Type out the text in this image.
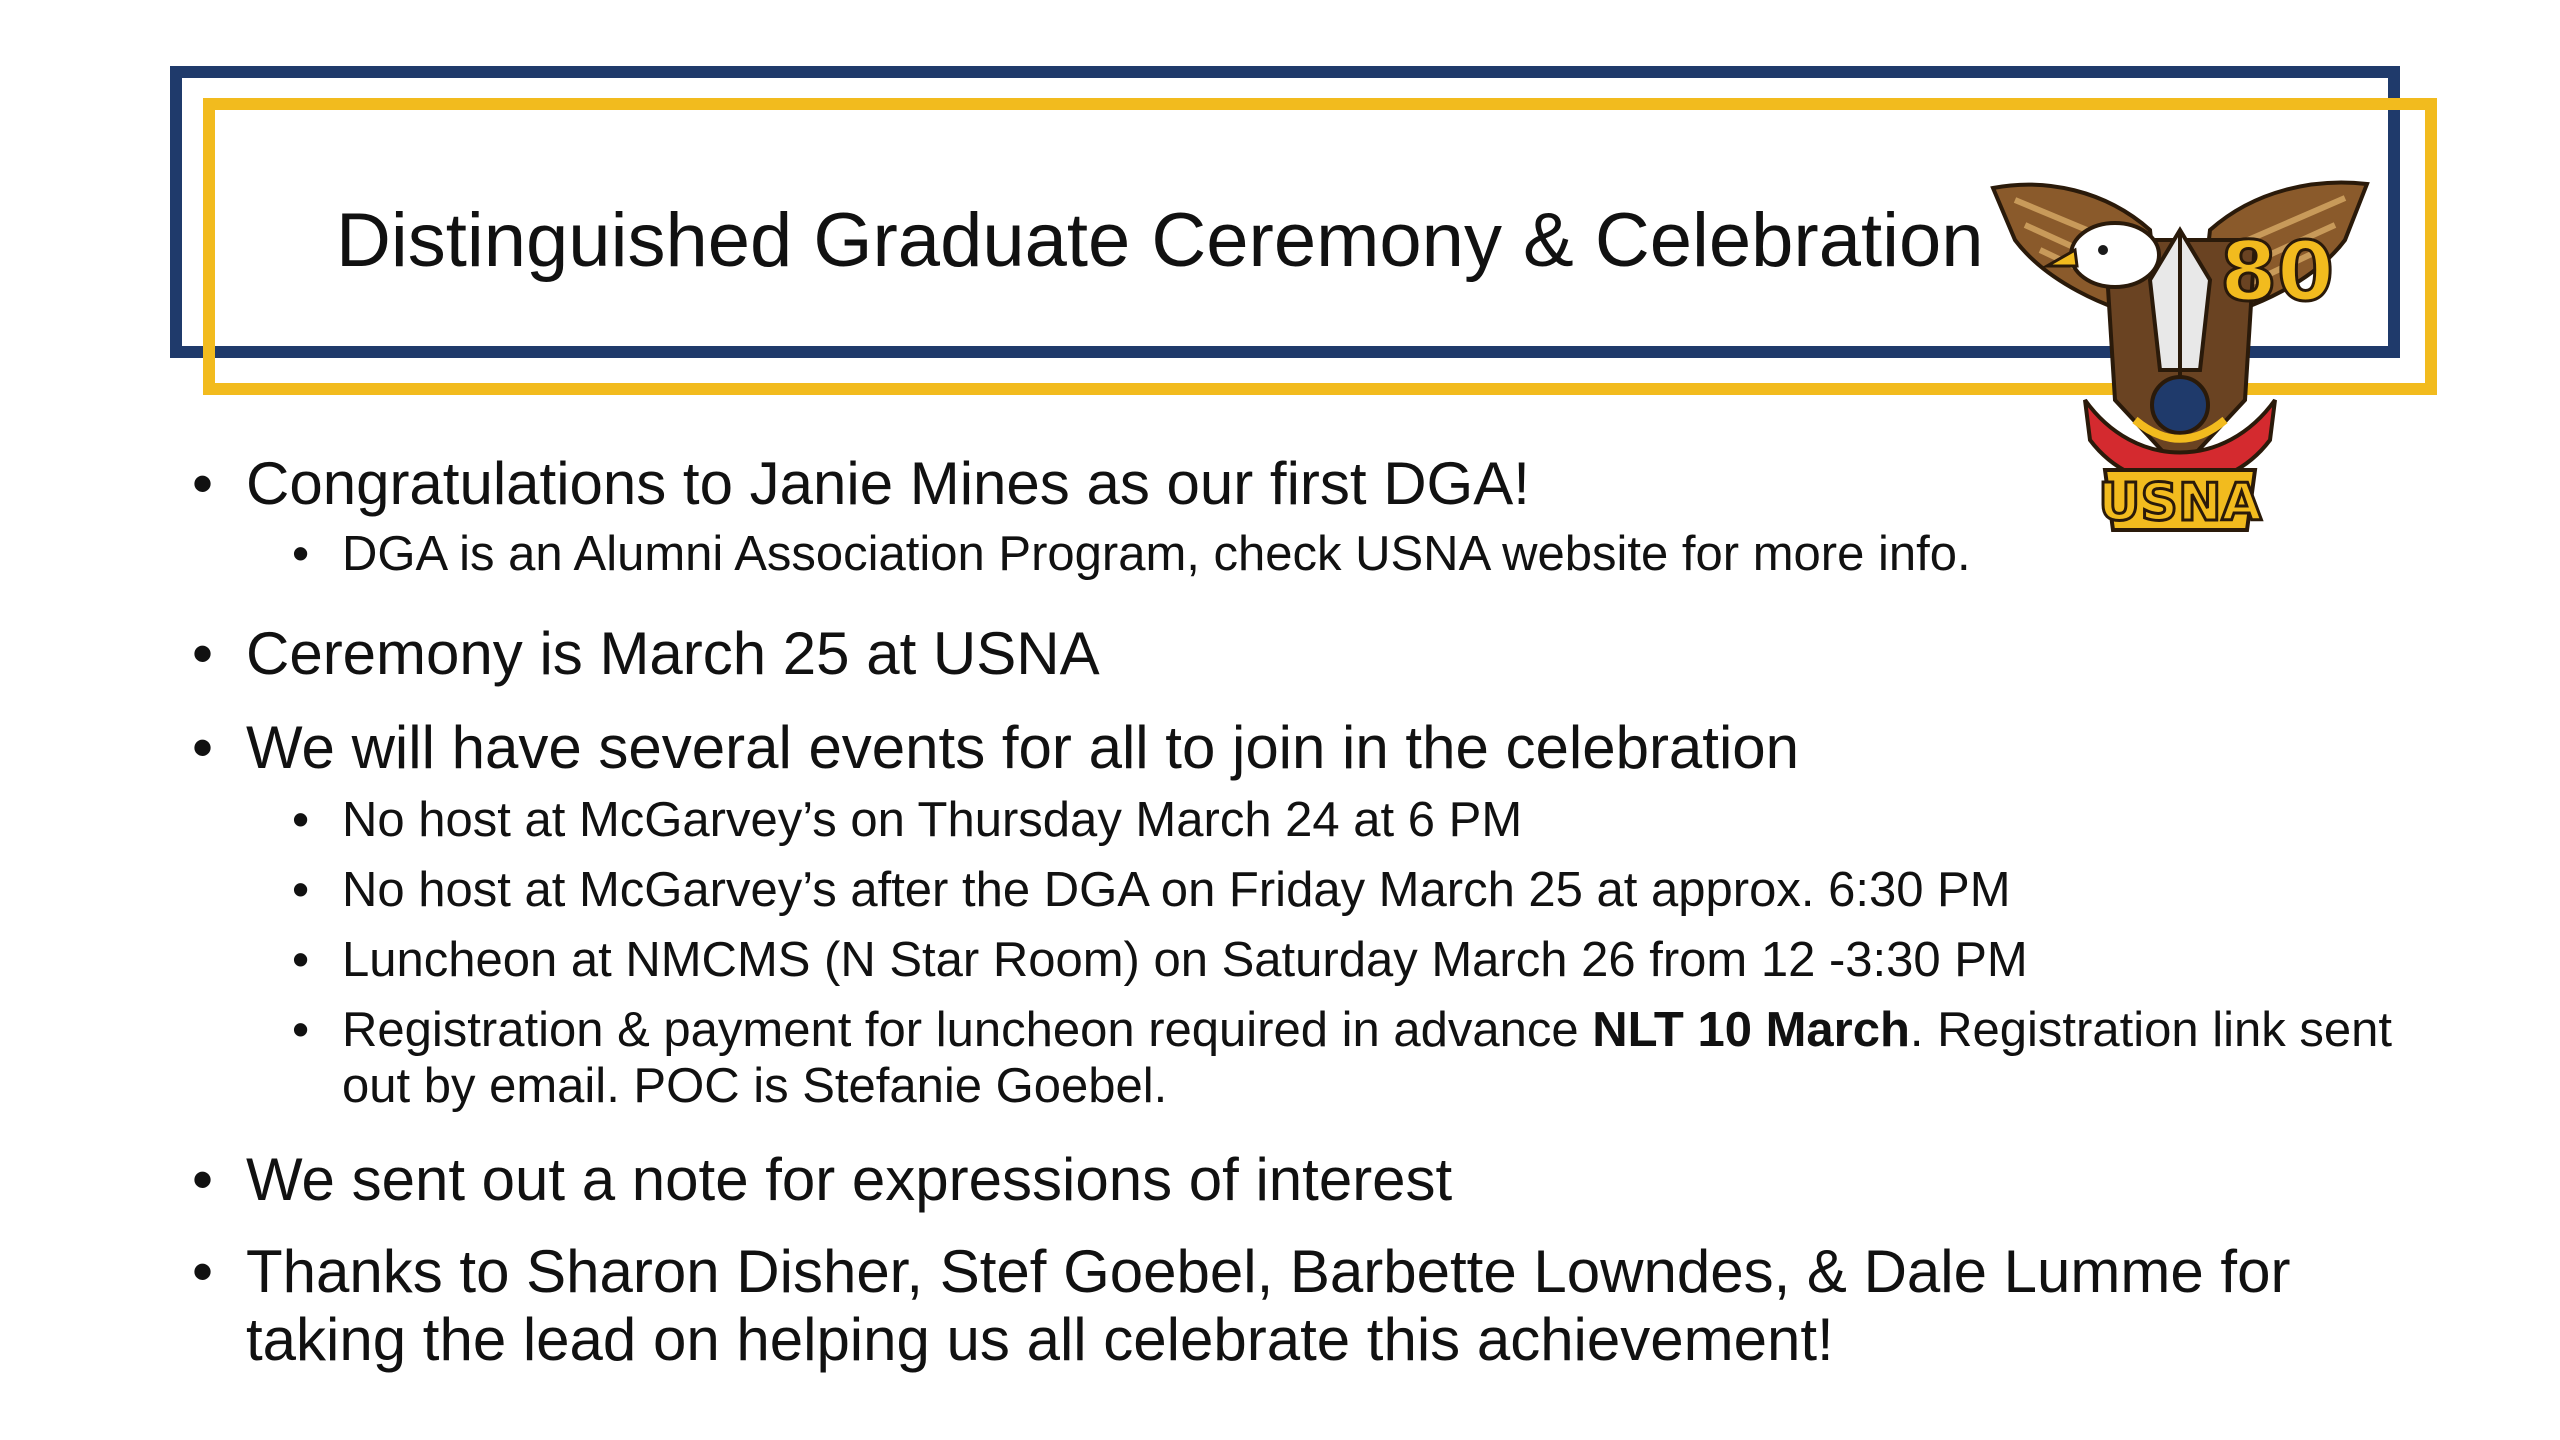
Distinguished Graduate Ceremony & Celebration	80
USNA

• Congratulations to Janie Mines as our first DGA!

• DGA is an Alumni Association Program, check USNA website for more info.

• Ceremony is March 25 at USNA

• We will have several events for all to join in the celebration

• No host at McGarvey’s on Thursday March 24 at 6 PM

• No host at McGarvey’s after the DGA on Friday March 25 at approx. 6:30 PM

• Luncheon at NMCMS (N Star Room) on Saturday March 26 from 12 -3:30 PM

• Registration & payment for luncheon required in advance NLT 10 March. Registration link sent out by email. POC is Stefanie Goebel.

• We sent out a note for expressions of interest

• Thanks to Sharon Disher, Stef Goebel, Barbette Lowndes, & Dale Lumme for taking the lead on helping us all celebrate this achievement!
